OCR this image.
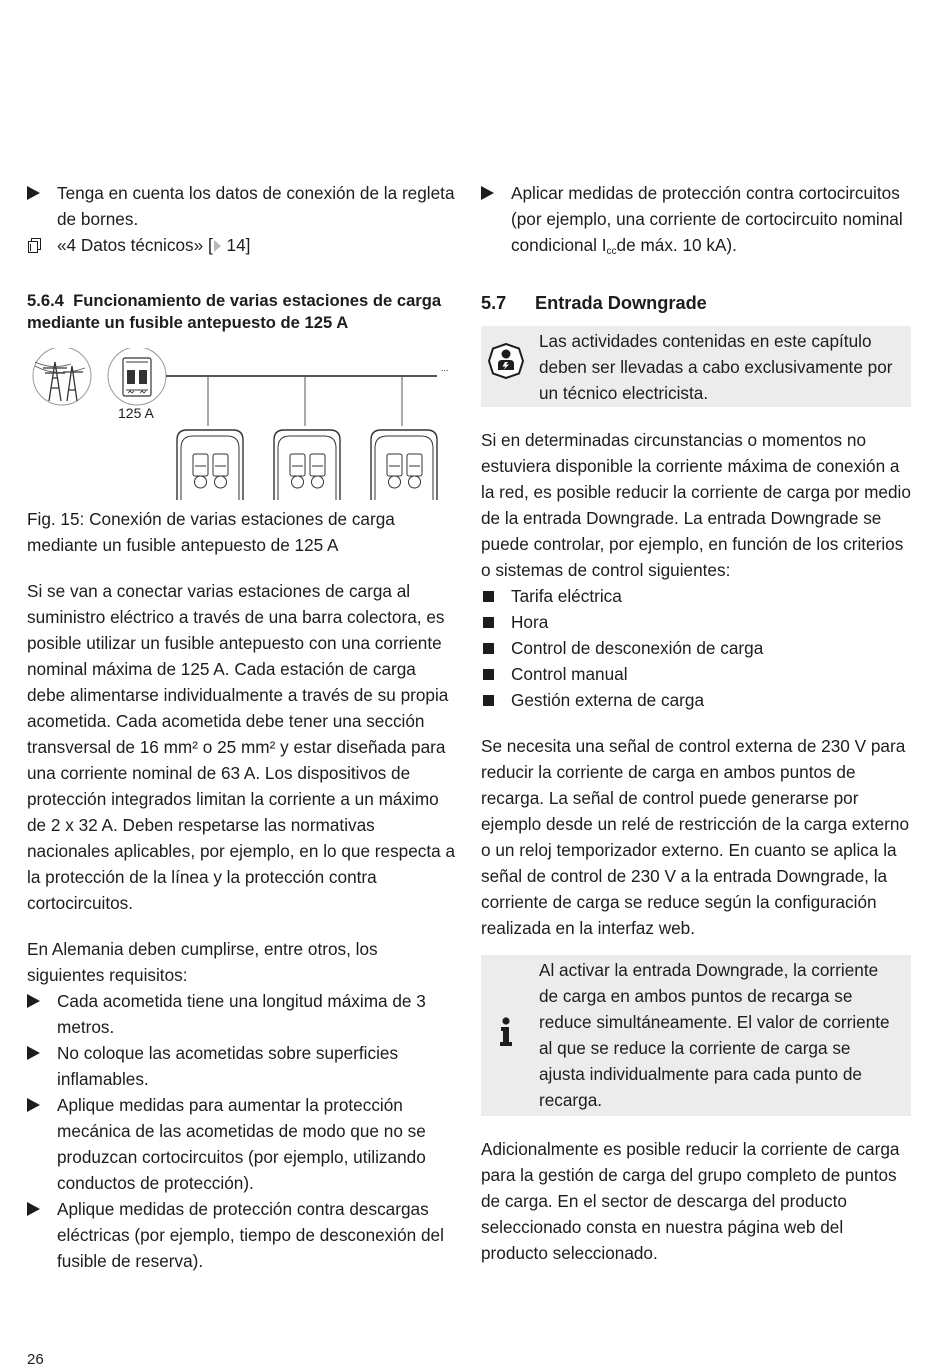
Tenga en cuenta los datos de conexión de la regleta de bornes.

«4 Datos técnicos» [ 14]
5.6.4 Funcionamiento de varias estaciones de carga mediante un fusible antepuesto de 125 A
125 A
...

Fig. 15: Conexión de varias estaciones de carga mediante un fusible antepuesto de 125 A

Si se van a conectar varias estaciones de carga al suministro eléctrico a través de una barra colectora, es posible utilizar un fusible antepuesto con una corriente nominal máxima de 125 A. Cada estación de carga debe alimentarse individualmente a través de su propia acometida. Cada acometida debe tener una sección transversal de 16 mm² o 25 mm² y estar diseñada para una corriente nominal de 63 A. Los dispositivos de protección integrados limitan la corriente a un máximo de 2 x 32 A. Deben respetarse las normativas nacionales aplicables, por ejemplo, en lo que respecta a la protección de la línea y la protección contra cortocircuitos.

En Alemania deben cumplirse, entre otros, los siguientes requisitos:

Cada acometida tiene una longitud máxima de 3 metros.

No coloque las acometidas sobre superficies inflamables.

Aplique medidas para aumentar la protección mecánica de las acometidas de modo que no se produzcan cortocircuitos (por ejemplo, utilizando conductos de protección).

Aplique medidas de protección contra descargas eléctricas (por ejemplo, tiempo de desconexión del fusible de reserva).

Aplicar medidas de protección contra cortocircuitos (por ejemplo, una corriente de cortocircuito nominal condicional $I_{cc}de$ máx. 10 kA).

5.7 Entrada Downgrade

Las actividades contenidas en este capítulo deben ser llevadas a cabo exclusivamente por un técnico electricista.

Si en determinadas circunstancias o momentos no estuviera disponible la corriente máxima de conexión a la red, es posible reducir la corriente de carga por medio de la entrada Downgrade. La entrada Downgrade se puede controlar, por ejemplo, en función de los criterios o sistemas de control siguientes:

Tarifa eléctrica

Hora

Control de desconexión de carga

Control manual

Gestión externa de carga

Se necesita una señal de control externa de 230 V para reducir la corriente de carga en ambos puntos de recarga. La señal de control puede generarse por ejemplo desde un relé de restricción de la carga externo o un reloj temporizador externo. En cuanto se aplica la señal de control de 230 V a la entrada Downgrade, la corriente de carga se reduce según la configuración realizada en la interfaz web.

Al activar la entrada Downgrade, la corriente de carga en ambos puntos de recarga se reduce simultáneamente. El valor de corriente al que se reduce la corriente de carga se ajusta individualmente para cada punto de recarga.

Adicionalmente es posible reducir la corriente de carga para la gestión de carga del grupo completo de puntos de carga. En el sector de descarga del producto seleccionado consta en nuestra página web del producto seleccionado.

26
